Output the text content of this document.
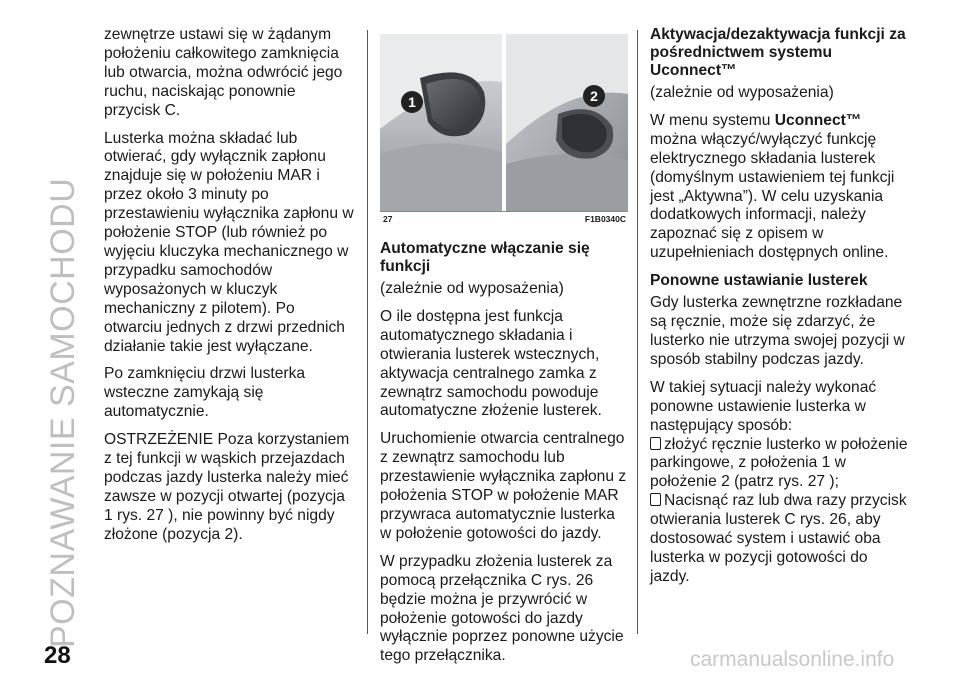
POZNAWANIE SAMOCHODU

zewnętrze ustawi się w żądanym położeniu całkowitego zamknięcia lub otwarcia, można odwrócić jego ruchu, naciskając ponownie przycisk C.

Lusterka można składać lub otwierać, gdy wyłącznik zapłonu znajduje się w położeniu MAR i przez około 3 minuty po przestawieniu wyłącznika zapłonu w położenie STOP (lub również po wyjęciu kluczyka mechanicznego w przypadku samochodów wyposażonych w kluczyk mechaniczny z pilotem). Po otwarciu jednych z drzwi przednich działanie takie jest wyłączane.

Po zamknięciu drzwi lusterka wsteczne zamykają się automatycznie.

OSTRZEŻENIE Poza korzystaniem z tej funkcji w wąskich przejazdach podczas jazdy lusterka należy mieć zawsze w pozycji otwartej (pozycja 1 rys. 27 ), nie powinny być nigdy złożone (pozycja 2).

1	2
27	F1B0340C
Automatyczne włączanie się funkcji

(zależnie od wyposażenia)

O ile dostępna jest funkcja automatycznego składania i otwierania lusterek wstecznych, aktywacja centralnego zamka z zewnątrz samochodu powoduje automatyczne złożenie lusterek.

Uruchomienie otwarcia centralnego z zewnątrz samochodu lub przestawienie wyłącznika zapłonu z położenia STOP w położenie MAR przywraca automatycznie lusterka w położenie gotowości do jazdy.

W przypadku złożenia lusterek za pomocą przełącznika C rys. 26 będzie można je przywrócić w położenie gotowości do jazdy wyłącznie poprzez ponowne użycie tego przełącznika.

Aktywacja/dezaktywacja funkcji za pośrednictwem systemu Uconnect™

(zależnie od wyposażenia)

W menu systemu Uconnect™ można włączyć/wyłączyć funkcję elektrycznego składania lusterek (domyślnym ustawieniem tej funkcji jest „Aktywna”). W celu uzyskania dodatkowych informacji, należy zapoznać się z opisem w uzupełnieniach dostępnych online.

Ponowne ustawianie lusterek

Gdy lusterka zewnętrzne rozkładane są ręcznie, może się zdarzyć, że lusterko nie utrzyma swojej pozycji w sposób stabilny podczas jazdy.

W takiej sytuacji należy wykonać ponowne ustawienie lusterka w następujący sposób:

złożyć ręcznie lusterko w położenie parkingowe, z położenia 1 w położenie 2 (patrz rys. 27 );

Nacisnąć raz lub dwa razy przycisk otwierania lusterek C rys. 26, aby dostosować system i ustawić oba lusterka w pozycji gotowości do jazdy.

28	carmanualsonline.info
